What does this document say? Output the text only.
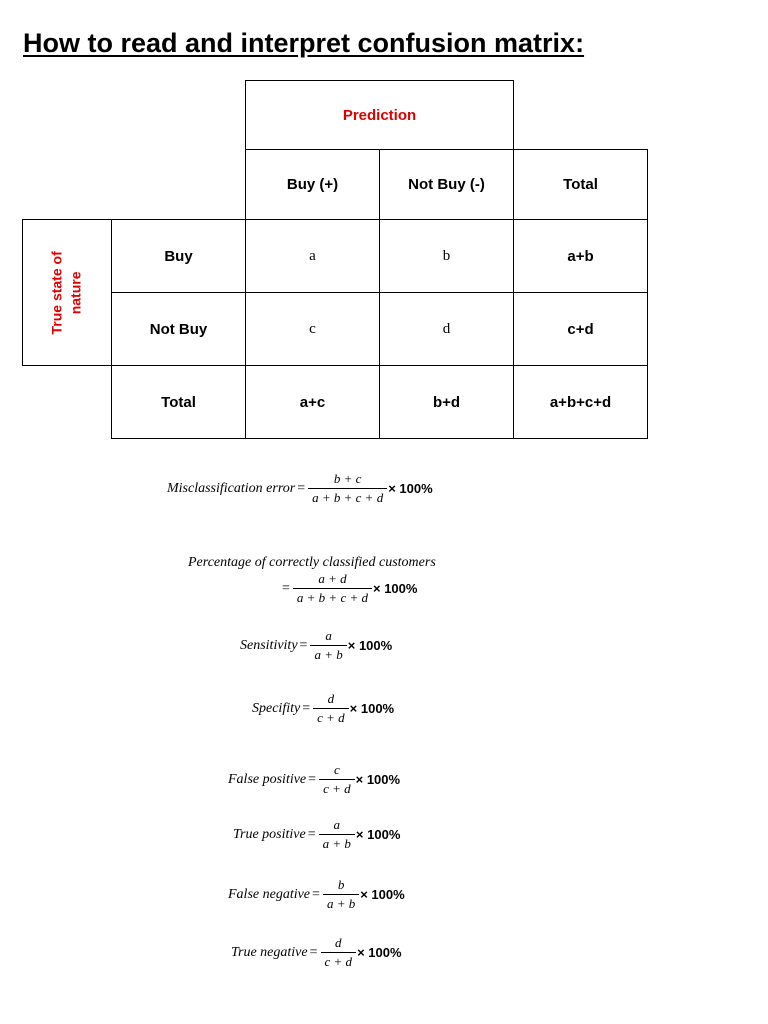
How to read and interpret confusion matrix:
Prediction
Buy (+)	Not Buy (-)	Total
True state of nature
Buy	a	b	a+b
Not Buy	c	d	c+d
Total	a+c	b+d	a+b+c+d
Misclassification error = $\frac{b + c}{a + b + c + d} \times 100\%$
Percentage of correctly classified customers
= $\frac{a + d}{a + b + c + d} \times 100\%$
Sensitivity = $\frac{a}{a + b} \times 100\%$
Specifity = $\frac{d}{c + d} \times 100\%$
False positive = $\frac{c}{c + d} \times 100\%$
True positive = $\frac{a}{a + b} \times 100\%$
False negative = $\frac{b}{a + b} \times 100\%$
True negative = $\frac{d}{c + d} \times 100\%$
